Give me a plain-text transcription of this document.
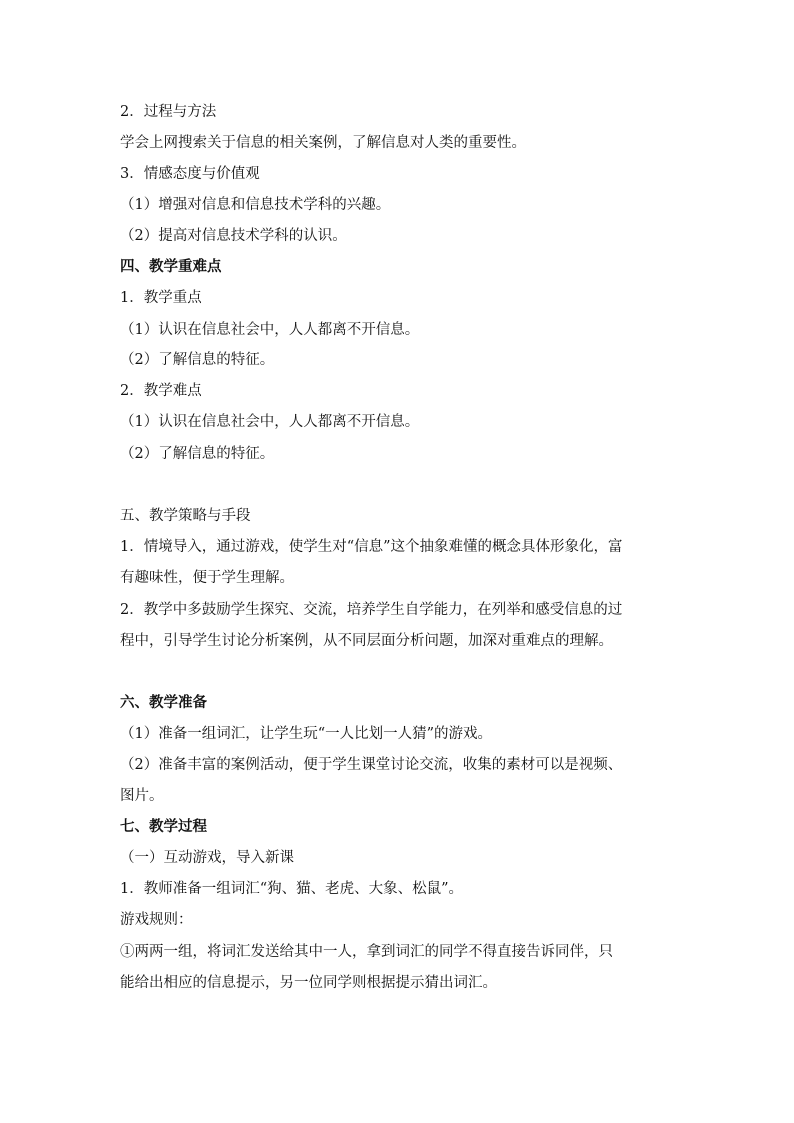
2．过程与方法
学会上网搜索关于信息的相关案例，了解信息对人类的重要性。
3．情感态度与价值观
（1）增强对信息和信息技术学科的兴趣。
（2）提高对信息技术学科的认识。
四、教学重难点
1．教学重点
（1）认识在信息社会中，人人都离不开信息。
（2）了解信息的特征。
2．教学难点
（1）认识在信息社会中，人人都离不开信息。
（2）了解信息的特征。
五、教学策略与手段
1．情境导入，通过游戏，使学生对“信息”这个抽象难懂的概念具体形象化，富
有趣味性，便于学生理解。
2．教学中多鼓励学生探究、交流，培养学生自学能力，在列举和感受信息的过
程中，引导学生讨论分析案例，从不同层面分析问题，加深对重难点的理解。
六、教学准备
（1）准备一组词汇，让学生玩“一人比划一人猜”的游戏。
（2）准备丰富的案例活动，便于学生课堂讨论交流，收集的素材可以是视频、
图片。
七、教学过程
（一）互动游戏，导入新课
1．教师准备一组词汇“狗、猫、老虎、大象、松鼠”。
游戏规则：
①两两一组，将词汇发送给其中一人，拿到词汇的同学不得直接告诉同伴，只
能给出相应的信息提示，另一位同学则根据提示猜出词汇。
